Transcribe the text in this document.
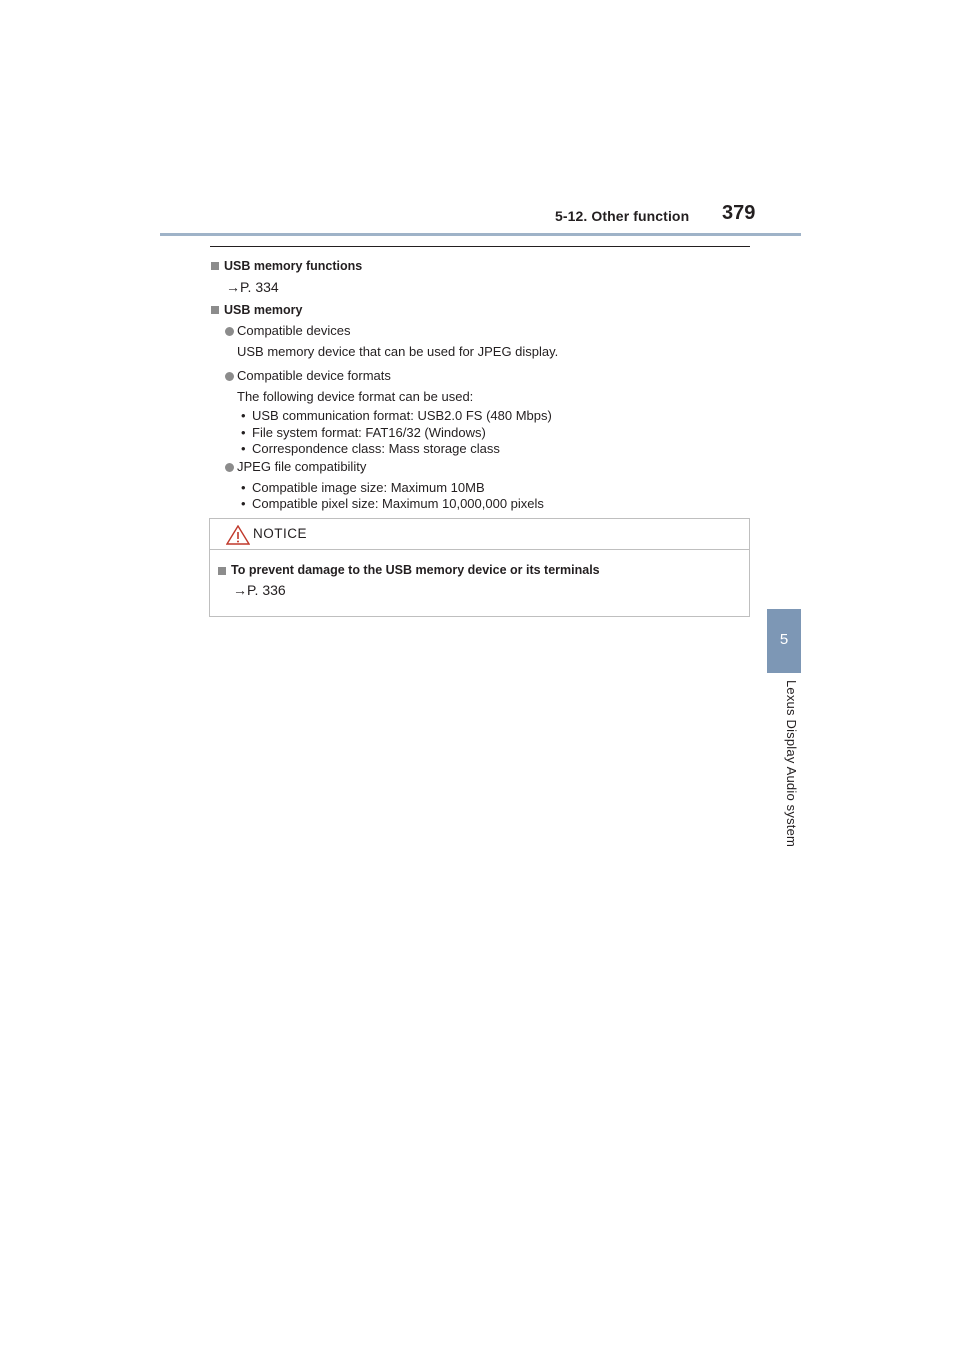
5-12. Other function 379
5
Lexus Display Audio system
USB memory functions
→P. 334
USB memory
Compatible devices
USB memory device that can be used for JPEG display.
Compatible device formats
The following device format can be used:
• USB communication format: USB2.0 FS (480 Mbps)
• File system format: FAT16/32 (Windows)
• Correspondence class: Mass storage class
JPEG file compatibility
• Compatible image size: Maximum 10MB
• Compatible pixel size: Maximum 10,000,000 pixels
NOTICE
To prevent damage to the USB memory device or its terminals
→P. 336
